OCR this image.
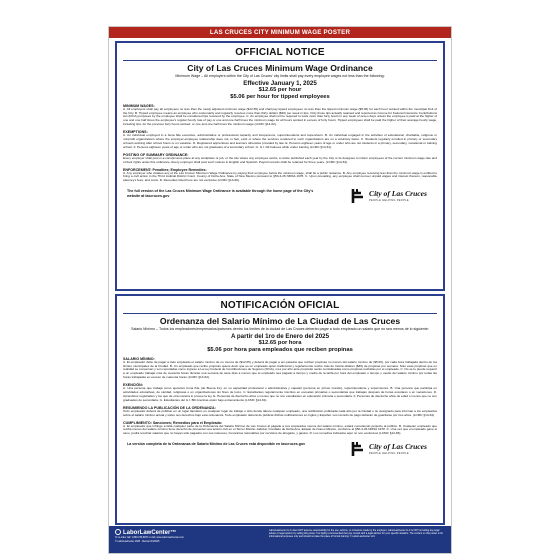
LAS CRUCES CITY MINIMUM WAGE POSTER
OFFICIAL NOTICE
City of Las Cruces Minimum Wage Ordinance
Minimum Wage – All employers within the City of Las Cruces' city limits shall pay every employee wages not less than the following:
Effective January 1, 2025
$12.65 per hour
$5.06 per hour for tipped employees
MINIMUM WAGES:

A. All employers shall pay all employees no less than the newly adjusted minimum wage ($12.65) and shall pay tipped employees no less than the tipped minimum wage ($5.06) for each hour worked within the municipal limit of the City. B. Tipped employee means an employee who customarily and regularly receives more than thirty dollars ($30) per week in tips. Only those tips actually retained and reported as income for Federal Insurance Contributions Act (FICA) purposes by the employee shall be considered tips received by the employee. C. An employee shall not be required to work more than forty hours in any week of seven days unless the employee is paid at the higher of one and one half times the employee's regular hourly rate of pay or one and one half times the minimum wage for all hours worked in excess of forty hours. Tipped employees shall be paid the higher of their average hourly wage, including tips, for the previous forty hours worked, or one and one half times the minimum wage (LCMC §14-62).

EXEMPTIONS:

A. An individual employed in a bona fide executive, administrative or professional capacity and forepersons, superintendents and supervisors. B. An individual engaged in the activities of educational, charitable, religious or nonprofit organizations where the employer-employee relationship does not, in fact, exist or where the services rendered to such organizations are on a voluntary basis. C. Students regularly enrolled in primary or secondary schools working after school hours or on vacation. D. Registered apprentices and learners otherwise provided by law. E. Persons eighteen years of age or under who are not students in a primary, secondary, vocational or training school. F. Persons eighteen years of age or under who are not graduates of a secondary school. G. G.I. bill trainees while under training (LCMC §14-61).

POSTING OF SUMMARY ORDINANCE:

Every employer shall post in a conspicuous place at any workplace or job, or the site where any employee works, a notice published each year by the City or its designee to inform employees of the current minimum wage rate and of their rights under this ordinance. Every employer shall post such notices in English and Spanish. Payroll records shall be retained for three years. (LCMC §14-64).

ENFORCEMENT: Penalties; Employee Remedies:

A. Any employer who violates any of the Las Cruces' Minimum Wage Ordinance by paying their employee below the minimum wage, shall be a public nuisance. B. Any employee receiving less than the minimum wage is entitled to bring a civil action in the Third Judicial District Court, County of Doña Ana, State of New Mexico pursuant to §50-4-26 NMSA 1978. C. Upon prevailing, any employee shall recover unpaid wages and interest thereon, reasonable attorney's fees, and costs. D. Remedies listed here are not exclusive (LCMC §14-66).

The full version of the Las Cruces Minimum Wage Ordinance is available through the home page of the City's website at lascruces.gov	City of Las Cruces
PEOPLE HELPING PEOPLE
NOTIFICACIÓN OFICIAL
Ordenanza del Salario Mínimo de La Ciudad de Las Cruces
Salario Mínimo – Todos los empleadores/empresarios/patrones dentro los límites de la ciudad de Las Cruces deberán pagar a todo empleado un salario que no sea menos de lo siguiente:
A partir del 1ro de Enero del 2025
$12.65 por hora
$5.06 por hora para empleados que reciben propinas
SALARIO MÍNIMO:

A. El empleador debe de pagar a todo empleado el salario mínimo de no menos de ($12.65) y deberá de pagar a em-pleados que reciben propinas no menos del salario mínimo de ($5.06), por cada hora trabajada dentro de los límites municipales de la Ciudad. B. Un empleado que recibe propinas quiere decir que es un empleado quien tradicional y regularmente recibe más de treinta dólares ($30) de propinas por semana. Solo esas propinas que en realidad se conservan y son reportadas como ingreso a La Ley Federal de Contribuciones de Seguros (FICA), mes por año ante propósito serán consideradas como propinas recibidas por el empleado. C. No se le puede requerir a un empleado trabajar más de cuarenta horas durante una semana de siete días a menos que el empleado sea pagado a tiempo y medio de la tarifa por hora del empleado o tiempo y medio del salario mínimo por todas las horas trabajadas en exceso de cuarenta horas (LCMC §14-62).

EXENCIÓN:

A. Una persona que trabaja como ejecutivo bona fide (de Buena Fe), en su capacidad profesional o administrativa y capataz (persona en primer mando), superintendente y supervisores. B. Una persona que participa en actividades educativas, de caridad, religiosas o en organizaciones sin fines de lucro. C. Estudiantes regularmente inscritos en escuelas primarias o secundarias que trabajan después de horas escolares o en vacaciones. D. Aprendices registrados y los que de otra manera lo provee la ley. E. Personas de dieciocho años o menos que no son estudiantes en educación primaria o secundaria. F. Personas de dieciocho años de edad o menos que no son graduados de secundaria. G. Estudiantes del G.I. Bill mientras estén bajo entrenamiento (LCMC §14-61).

RESUMIENDO LA PUBLICACIÓN DE LA ORDENANZA:

Todo empleador deberá de publicar en un lugar llamativo en cualquier lugar de trabajo o sitio donde labore cualquier empleado, una notificación publicada cada año por la Ciudad o su designado para informar a los empleados sobre el salario mínimo actual y sobre sus derechos bajo esta ordenanza. Todo empleador deberá de publicar dichas notificaciones en Inglés y Español. Los récords de pago deberán de guardarse por tres años. (LCMC §14-64).

CUMPLIMIENTO: Sanciones; Remedios para el Empleado:

A. El empleador que infringe a falta cualquier parte de la Ordenanza del Salario Mínimo de Las Cruces al pagarle a sus empleados menos del salario mínimo, estará cometiendo perjuicio al público. B. Cualquier empleado que reciba menos del salario mínimo tiene derecho de presentar una acción civil en el Tercer Distrito Judicial, Condado de Doña Ana, Estado de Nuevo México, conforme al §50-4-26 NMSA 1978. C. Una vez que el empleado gane el caso, podrá recobrar salarios que no hayan sido pagados con sus intereses, honorarios razonables por servicios de abogado, y gastos. D. Los remedios indicados aquí no son exclusivos (LCMC §14-66).

La versión completa de la Ordenanza de Salario Mínimo de Las Cruces está disponible en lascruces.gov	City of Las Cruces
PEOPLE HELPING PEOPLE
LaborLawCenter™
To re-order call: 1-800-745-9970 or visit: www.LaborLawCenter.com
© LaborLawCenter 2025 · Revised 01/2025
LaborLawCenter LLC does NOT assume responsibility for the use, actions, or omissions made by the employer. LaborLawCenter LLC is NOT providing any legal advice or legal opinion by selling this poster. It is highly recommended that you consult with a legal advisor for your specific situation. The content on this poster is for informational purposes only and should not take the place of formal training. © LaborLawCenter LLC
